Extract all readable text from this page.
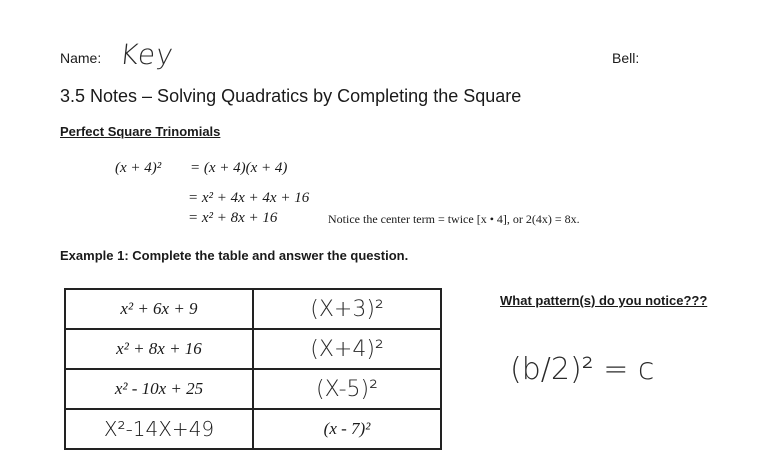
Name: Key	Bell:
3.5 Notes – Solving Quadratics by Completing the Square
Perfect Square Trinomials
(x + 4)² = (x + 4)(x + 4)
= x² + 4x + 4x + 16
= x² + 8x + 16	Notice the center term = twice [x • 4], or 2(4x) = 8x.
Example 1: Complete the table and answer the question.
x² + 6x + 9	(X+3)²
x² + 8x + 16	(X+4)²
x² - 10x + 25	(X-5)²
X²-14X+49	(x - 7)²
What pattern(s) do you notice???
(b/2)² = c
